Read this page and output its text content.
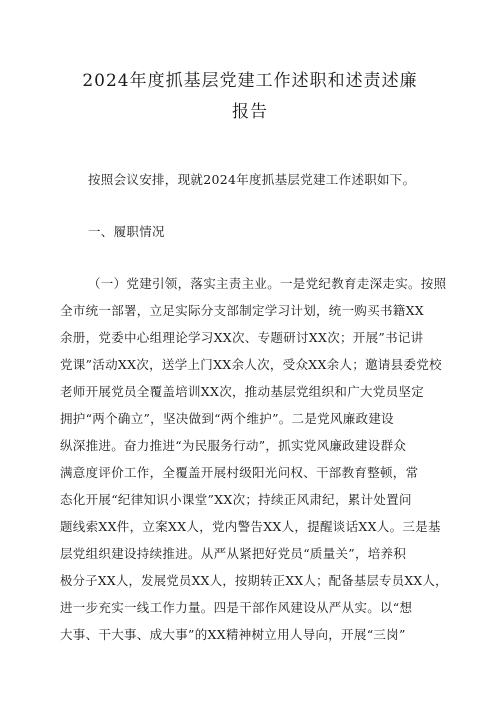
2024年度抓基层党建工作述职和述责述廉
报告
按照会议安排，现就2024年度抓基层党建工作述职如下。
一、履职情况
（一）党建引领，落实主责主业。一是党纪教育走深走实。按照
全市统一部署，立足实际分支部制定学习计划，统一购买书籍XX
余册，党委中心组理论学习XX次、专题研讨XX次；开展”书记讲
党课”活动XX次，送学上门XX余人次，受众XX余人；邀请县委党校
老师开展党员全覆盖培训XX次，推动基层党组织和广大党员坚定
拥护“两个确立”，坚决做到“两个维护”。二是党风廉政建设
纵深推进。奋力推进“为民服务行动”，抓实党风廉政建设群众
满意度评价工作，全覆盖开展村级阳光问权、干部教育整顿，常
态化开展“纪律知识小课堂”XX次；持续正风肃纪，累计处置问
题线索XX件，立案XX人，党内警告XX人，提醒谈话XX人。三是基
层党组织建设持续推进。从严从紧把好党员“质量关”，培养积
极分子XX人，发展党员XX人，按期转正XX人；配备基层专员XX人，
进一步充实一线工作力量。四是干部作风建设从严从实。以“想
大事、干大事、成大事”的XX精神树立用人导向，开展“三岗”
